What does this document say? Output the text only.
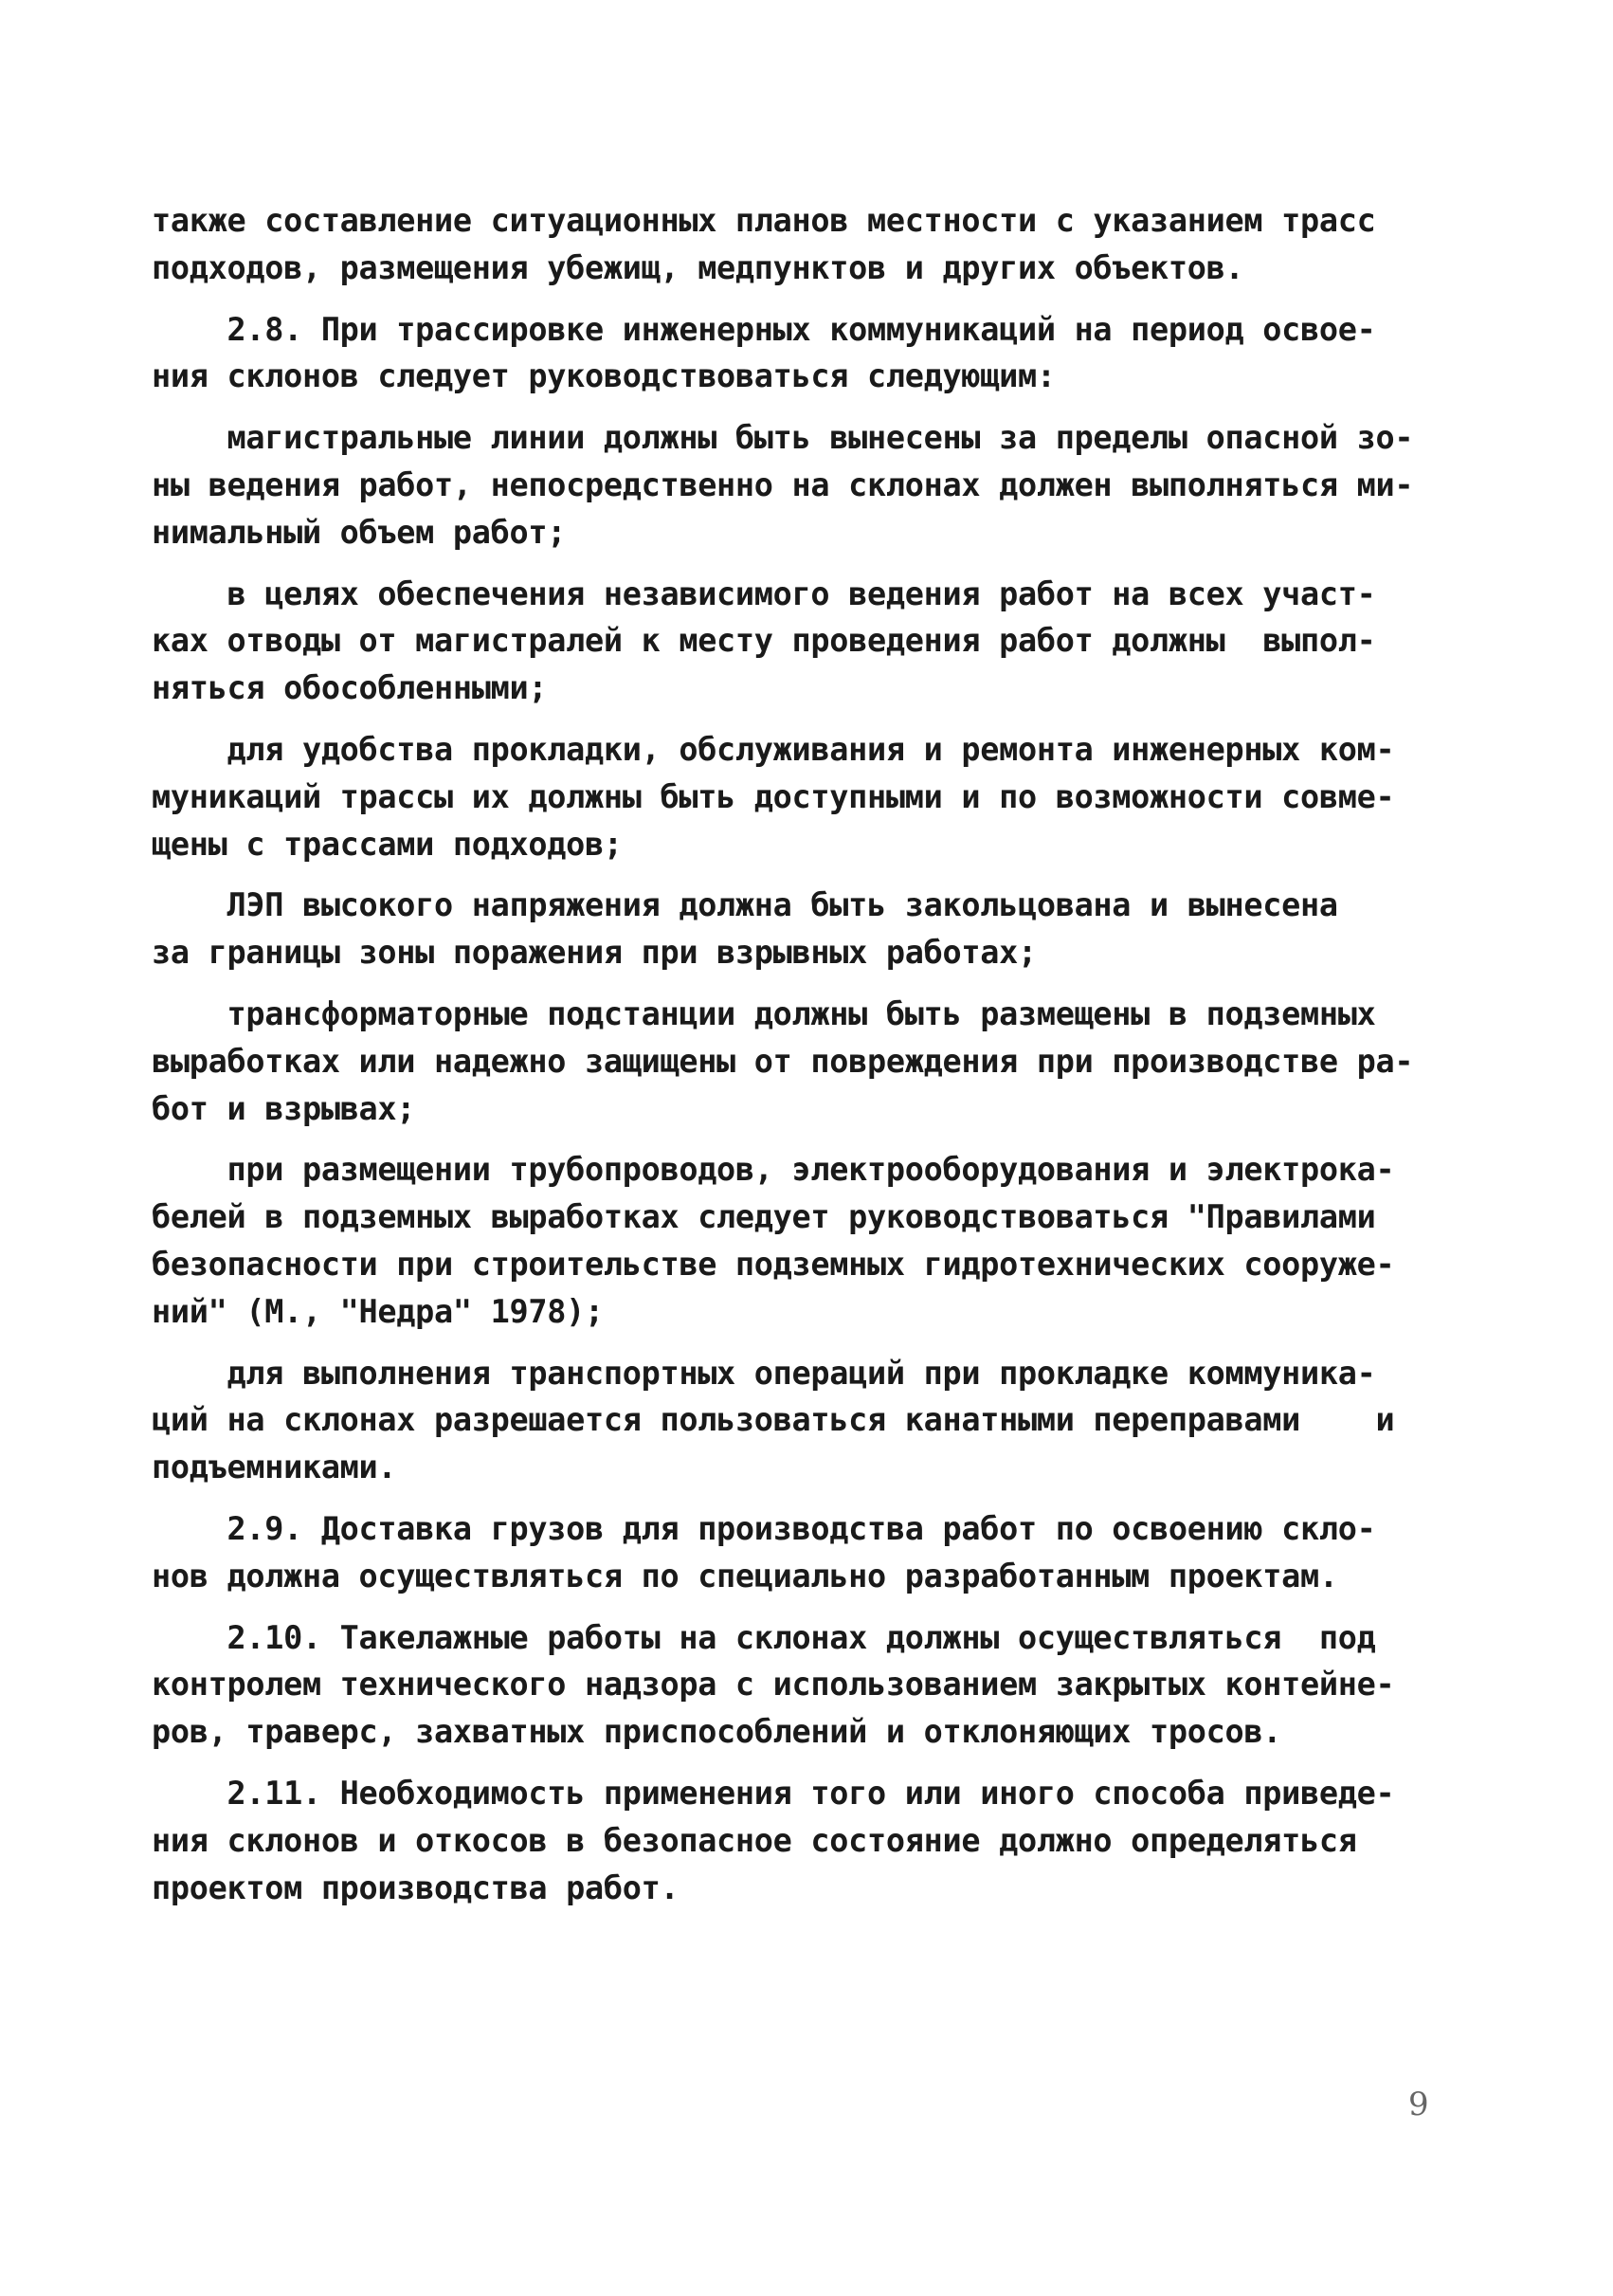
также составление ситуационных планов местности с указанием трасс
подходов, размещения убежищ, медпунктов и других объектов.
2.8. При трассировке инженерных коммуникаций на период освое-
ния склонов следует руководствоваться следующим:
магистральные линии должны быть вынесены за пределы опасной зо-
ны ведения работ, непосредственно на склонах должен выполняться ми-
нимальный объем работ;
в целях обеспечения независимого ведения работ на всех участ-
ках отводы от магистралей к месту проведения работ должны  выпол-
няться обособленными;
для удобства прокладки, обслуживания и ремонта инженерных ком-
муникаций трассы их должны быть доступными и по возможности совме-
щены с трассами подходов;
ЛЭП высокого напряжения должна быть закольцована и вынесена
за границы зоны поражения при взрывных работах;
трансформаторные подстанции должны быть размещены в подземных
выработках или надежно защищены от повреждения при производстве ра-
бот и взрывах;
при размещении трубопроводов, электрооборудования и электрока-
белей в подземных выработках следует руководствоваться "Правилами
безопасности при строительстве подземных гидротехнических сооруже-
ний" (М., "Недра" 1978);
для выполнения транспортных операций при прокладке коммуника-
ций на склонах разрешается пользоваться канатными переправами    и
подъемниками.
2.9. Доставка грузов для производства работ по освоению скло-
нов должна осуществляться по специально разработанным проектам.
2.10. Такелажные работы на склонах должны осуществляться  под
контролем технического надзора с использованием закрытых контейне-
ров, траверс, захватных приспособлений и отклоняющих тросов.
2.11. Необходимость применения того или иного способа приведе-
ния склонов и откосов в безопасное состояние должно определяться
проектом производства работ.
9
